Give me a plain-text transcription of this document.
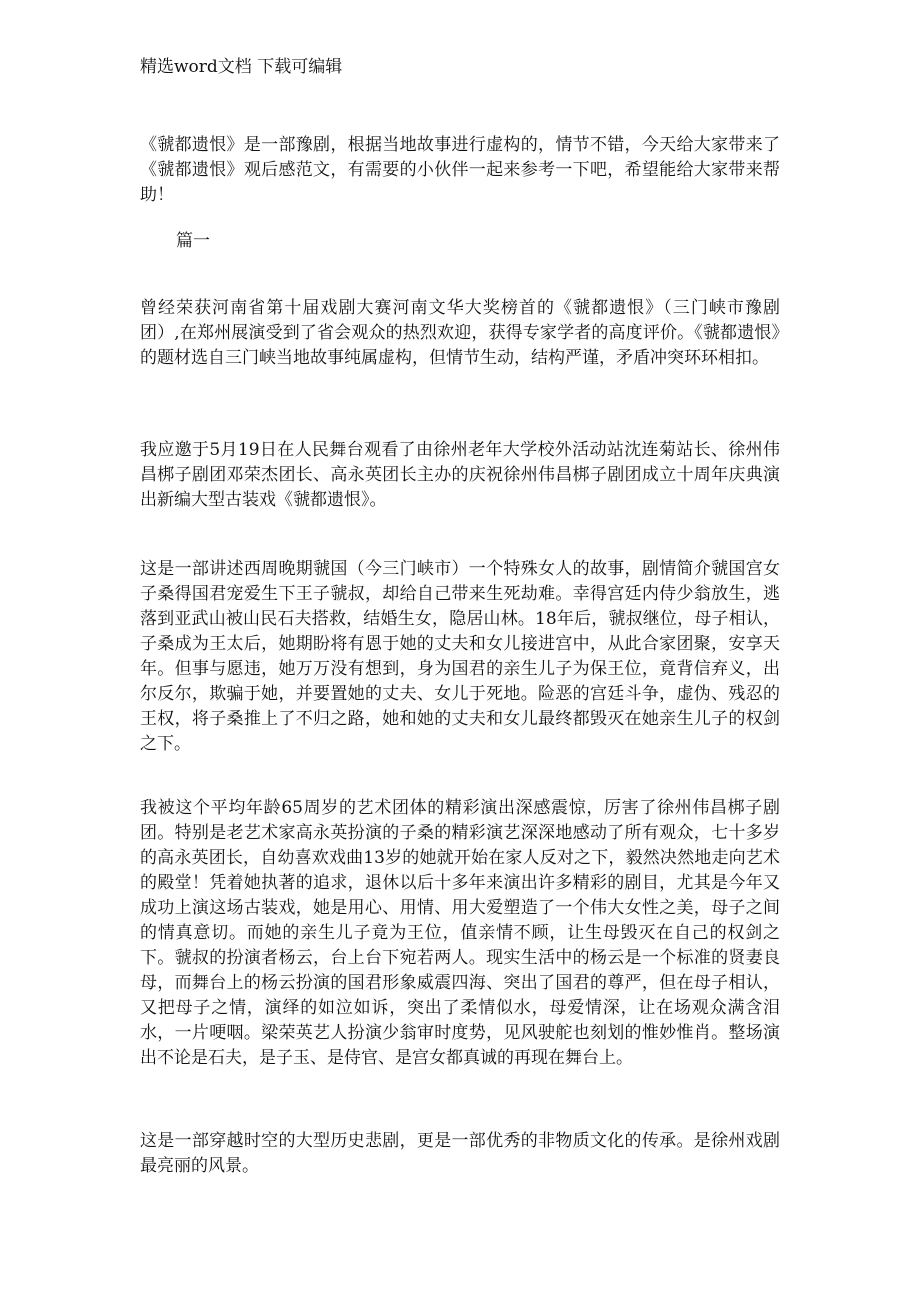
精选word文档 下载可编辑

《虢都遗恨》是一部豫剧，根据当地故事进行虚构的，情节不错，今天给大家带来了《虢都遗恨》观后感范文，有需要的小伙伴一起来参考一下吧，希望能给大家带来帮助！

篇一

曾经荣获河南省第十届戏剧大赛河南文华大奖榜首的《虢都遗恨》（三门峡市豫剧团）,在郑州展演受到了省会观众的热烈欢迎，获得专家学者的高度评价。《虢都遗恨》的题材选自三门峡当地故事纯属虚构，但情节生动，结构严谨，矛盾冲突环环相扣。

我应邀于5月19日在人民舞台观看了由徐州老年大学校外活动站沈连菊站长、徐州伟昌梆子剧团邓荣杰团长、高永英团长主办的庆祝徐州伟昌梆子剧团成立十周年庆典演出新编大型古装戏《虢都遗恨》。

这是一部讲述西周晚期虢国（今三门峡市）一个特殊女人的故事，剧情简介虢国宫女子桑得国君宠爱生下王子虢叔，却给自己带来生死劫难。幸得宫廷内侍少翁放生，逃落到亚武山被山民石夫搭救，结婚生女，隐居山林。18年后，虢叔继位，母子相认，子桑成为王太后，她期盼将有恩于她的丈夫和女儿接进宫中，从此合家团聚，安享天年。但事与愿违，她万万没有想到，身为国君的亲生儿子为保王位，竟背信弃义，出尔反尔，欺骗于她，并要置她的丈夫、女儿于死地。险恶的宫廷斗争，虚伪、残忍的王权，将子桑推上了不归之路，她和她的丈夫和女儿最终都毁灭在她亲生儿子的权剑之下。

我被这个平均年龄65周岁的艺术团体的精彩演出深感震惊，厉害了徐州伟昌梆子剧团。特别是老艺术家高永英扮演的子桑的精彩演艺深深地感动了所有观众，七十多岁的高永英团长，自幼喜欢戏曲13岁的她就开始在家人反对之下，毅然决然地走向艺术的殿堂！凭着她执著的追求，退休以后十多年来演出许多精彩的剧目，尤其是今年又成功上演这场古装戏，她是用心、用情、用大爱塑造了一个伟大女性之美，母子之间的情真意切。而她的亲生儿子竟为王位，值亲情不顾，让生母毁灭在自己的权剑之下。虢叔的扮演者杨云，台上台下宛若两人。现实生活中的杨云是一个标准的贤妻良母，而舞台上的杨云扮演的国君形象威震四海、突出了国君的尊严，但在母子相认，又把母子之情，演绎的如泣如诉，突出了柔情似水，母爱情深，让在场观众满含泪水，一片哽咽。梁荣英艺人扮演少翁审时度势，见风驶舵也刻划的惟妙惟肖。整场演出不论是石夫，是子玉、是侍官、是宫女都真诚的再现在舞台上。

这是一部穿越时空的大型历史悲剧，更是一部优秀的非物质文化的传承。是徐州戏剧最亮丽的风景。
